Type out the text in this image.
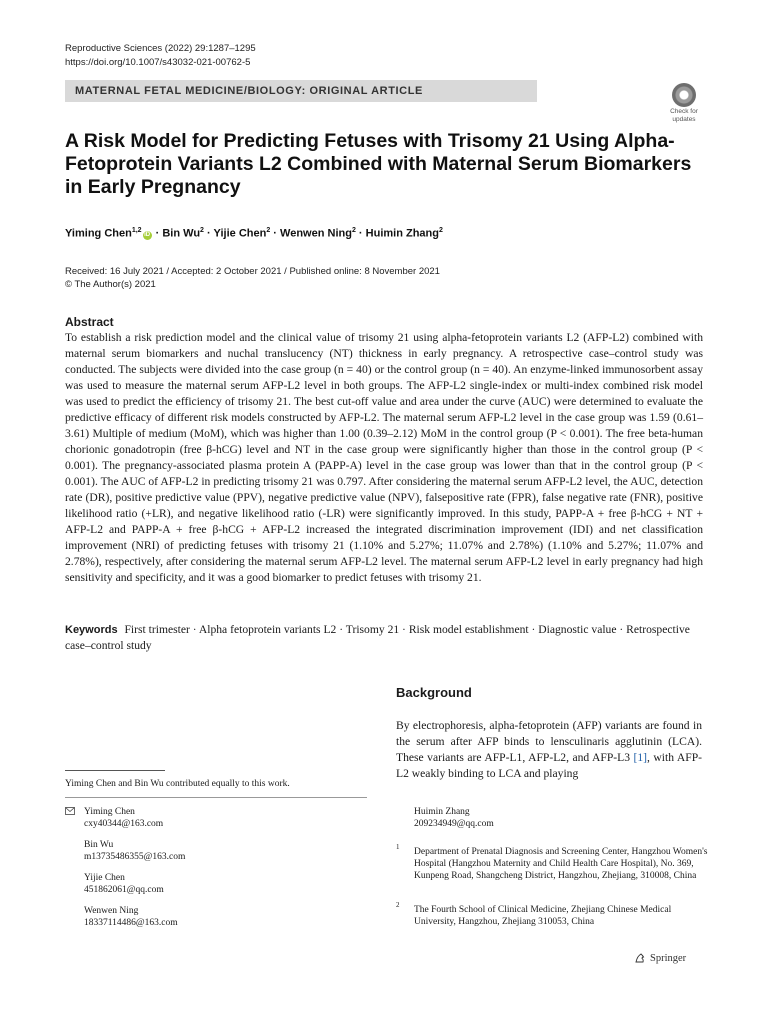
Reproductive Sciences (2022) 29:1287–1295
https://doi.org/10.1007/s43032-021-00762-5
MATERNAL FETAL MEDICINE/BIOLOGY: ORIGINAL ARTICLE
Check for
updates
A Risk Model for Predicting Fetuses with Trisomy 21 Using Alpha-Fetoprotein Variants L2 Combined with Maternal Serum Biomarkers in Early Pregnancy
Yiming Chen$^{1,2}$iD · Bin $Wu^2$ · Yijie Chen$^2$ · Wenwen Ning$^2$ · Huimin Zhang$^2$
Received: 16 July 2021 / Accepted: 2 October 2021 / Published online: 8 November 2021
© The Author(s) 2021
Abstract
To establish a risk prediction model and the clinical value of trisomy 21 using alpha-fetoprotein variants L2 (AFP-L2) combined with maternal serum biomarkers and nuchal translucency (NT) thickness in early pregnancy. A retrospective case–control study was conducted. The subjects were divided into the case group (n = 40) or the control group (n = 40). An enzyme-linked immunosorbent assay was used to measure the maternal serum AFP-L2 level in both groups. The AFP-L2 single-index or multi-index combined risk model was used to predict the efficiency of trisomy 21. The best cut-off value and area under the curve (AUC) were determined to evaluate the predictive efficacy of different risk models constructed by AFP-L2. The maternal serum AFP-L2 level in the case group was 1.59 (0.61–3.61) Multiple of medium (MoM), which was higher than 1.00 (0.39–2.12) MoM in the control group (P < 0.001). The free beta-human chorionic gonadotropin (free β-hCG) level and NT in the case group were significantly higher than those in the control group (P < 0.001). The pregnancy-associated plasma protein A (PAPP-A) level in the case group was lower than that in the control group (P < 0.001). The AUC of AFP-L2 in predicting trisomy 21 was 0.797. After considering the maternal serum AFP-L2 level, the AUC, detection rate (DR), positive predictive value (PPV), negative predictive value (NPV), falsepositive rate (FPR), false negative rate (FNR), positive likelihood ratio (+LR), and negative likelihood ratio (-LR) were significantly improved. In this study, PAPP-A + free β-hCG + NT + AFP-L2 and PAPP-A + free β-hCG + AFP-L2 increased the integrated discrimination improvement (IDI) and net classification improvement (NRI) of predicting fetuses with trisomy 21 (1.10% and 5.27%; 11.07% and 2.78%) (1.10% and 5.27%; 11.07% and 2.78%), respectively, after considering the maternal serum AFP-L2 level. The maternal serum AFP-L2 level in early pregnancy had high sensitivity and specificity, and it was a good biomarker to predict fetuses with trisomy 21.
Keywords First trimester · Alpha fetoprotein variants L2 · Trisomy 21 · Risk model establishment · Diagnostic value · Retrospective case–control study
Background
By electrophoresis, alpha-fetoprotein (AFP) variants are found in the serum after AFP binds to lensculinaris agglutinin (LCA). These variants are AFP-L1, AFP-L2, and AFP-L3 [1], with AFP-L2 weakly binding to LCA and playing
Yiming Chen and Bin Wu contributed equally to this work.
Yiming Chen
cxy40344@163.com
Bin Wu
m13735486355@163.com
Yijie Chen
451862061@qq.com
Wenwen Ning
18337114486@163.com
Huimin Zhang
209234949@qq.com
1 Department of Prenatal Diagnosis and Screening Center, Hangzhou Women's Hospital (Hangzhou Maternity and Child Health Care Hospital), No. 369, Kunpeng Road, Shangcheng District, Hangzhou, Zhejiang, 310008, China
2 The Fourth School of Clinical Medicine, Zhejiang Chinese Medical University, Hangzhou, Zhejiang 310053, China
Springer
